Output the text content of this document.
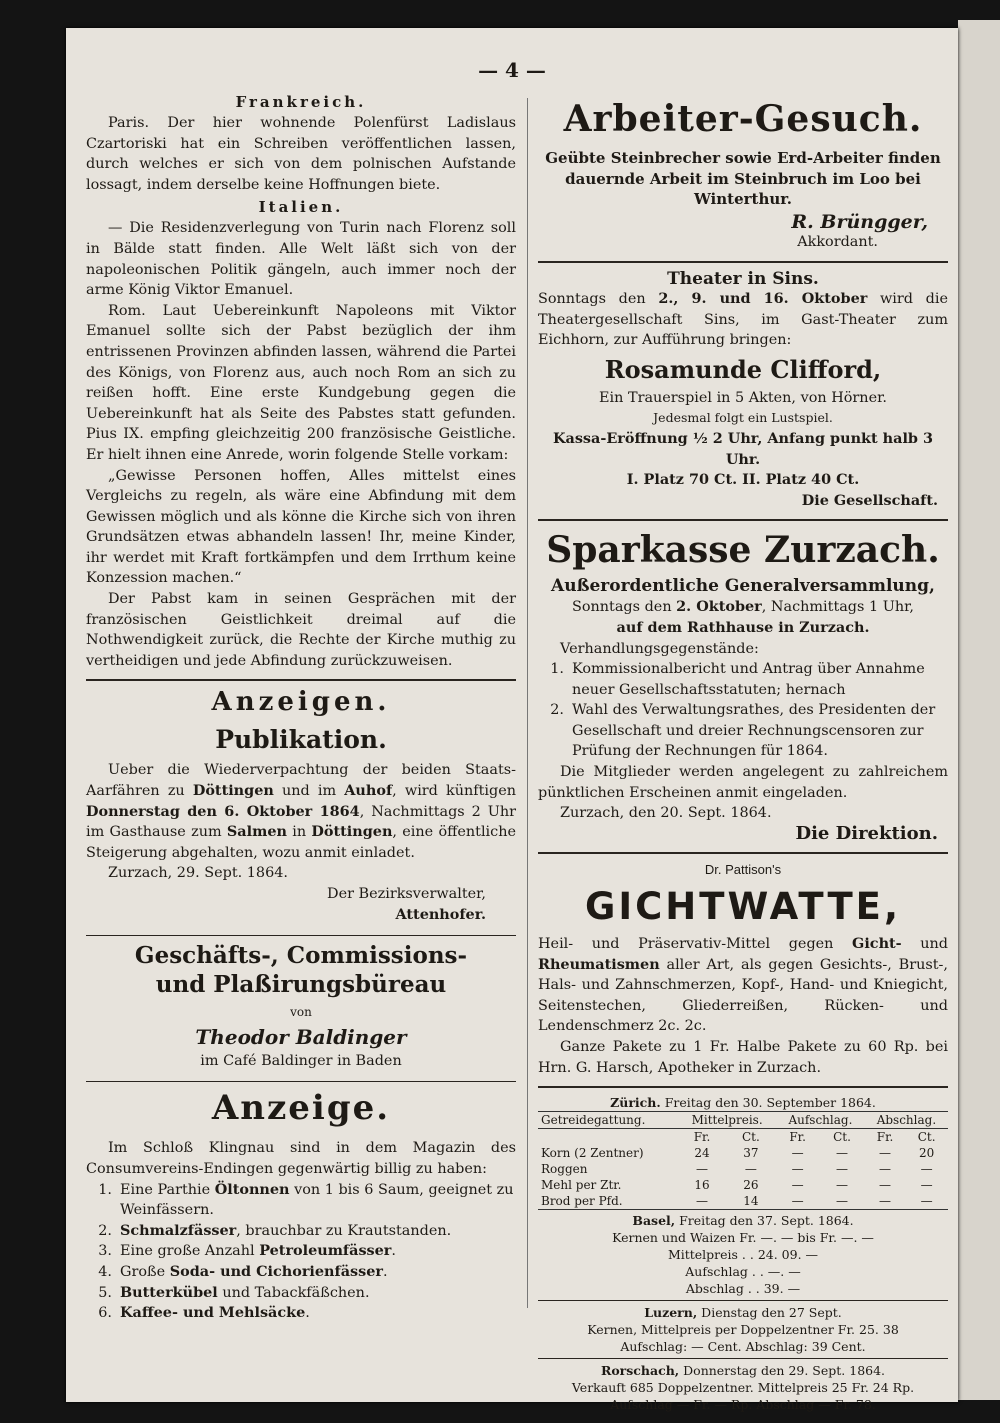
— 4 —
Frankreich.

Paris. Der hier wohnende Polenfürst Ladislaus Czartoriski hat ein Schreiben veröffentlichen lassen, durch welches er sich von dem polnischen Aufstande lossagt, indem derselbe keine Hoffnungen biete.

Italien.

— Die Residenzverlegung von Turin nach Florenz soll in Bälde statt finden. Alle Welt läßt sich von der napoleonischen Politik gängeln, auch immer noch der arme König Viktor Emanuel.

Rom. Laut Uebereinkunft Napoleons mit Viktor Emanuel sollte sich der Pabst bezüglich der ihm entrissenen Provinzen abfinden lassen, während die Partei des Königs, von Florenz aus, auch noch Rom an sich zu reißen hofft. Eine erste Kundgebung gegen die Uebereinkunft hat als Seite des Pabstes statt gefunden. Pius IX. empfing gleichzeitig 200 französische Geistliche. Er hielt ihnen eine Anrede, worin folgende Stelle vorkam:

„Gewisse Personen hoffen, Alles mittelst eines Vergleichs zu regeln, als wäre eine Abfindung mit dem Gewissen möglich und als könne die Kirche sich von ihren Grundsätzen etwas abhandeln lassen! Ihr, meine Kinder, ihr werdet mit Kraft fortkämpfen und dem Irrthum keine Konzession machen.“

Der Pabst kam in seinen Gesprächen mit der französischen Geistlichkeit dreimal auf die Nothwendigkeit zurück, die Rechte der Kirche muthig zu vertheidigen und jede Abfindung zurückzuweisen.

Anzeigen.
Publikation.

Ueber die Wiederverpachtung der beiden Staats-Aarfähren zu Döttingen und im Auhof, wird künftigen Donnerstag den 6. Oktober 1864, Nachmittags 2 Uhr im Gasthause zum Salmen in Döttingen, eine öffentliche Steigerung abgehalten, wozu anmit einladet.

Zurzach, 29. Sept. 1864.

Der Bezirksverwalter,

Attenhofer.

Geschäfts-, Commissions-
und Plaßirungsbüreau

von

Theodor Baldinger

im Café Baldinger in Baden

Anzeige.

Im Schloß Klingnau sind in dem Magazin des Consumvereins-Endingen gegenwärtig billig zu haben:

1. Eine Parthie Öltonnen von 1 bis 6 Saum, geeignet zu Weinfässern.
2. Schmalzfässer, brauchbar zu Krautstanden.
3. Eine große Anzahl Petroleumfässer.
4. Große Soda- und Cichorienfässer.
5. Butterkübel und Tabackfäßchen.
6. Kaffee- und Mehlsäcke.
Arbeiter-Gesuch.

Geübte Steinbrecher sowie Erd-Arbeiter finden dauernde Arbeit im Steinbruch im Loo bei Winterthur.

R. Brüngger,

Akkordant.

Theater in Sins.

Sonntags den 2., 9. und 16. Oktober wird die Theatergesellschaft Sins, im Gast-Theater zum Eichhorn, zur Aufführung bringen:

Rosamunde Clifford,

Ein Trauerspiel in 5 Akten, von Hörner.

Jedesmal folgt ein Lustspiel.

Kassa-Eröffnung ½ 2 Uhr, Anfang punkt halb 3 Uhr.

I. Platz 70 Ct. II. Platz 40 Ct.

Die Gesellschaft.

Sparkasse Zurzach.

Außerordentliche Generalversammlung,

Sonntags den 2. Oktober, Nachmittags 1 Uhr,

auf dem Rathhause in Zurzach.

Verhandlungsgegenstände:

1. Kommissionalbericht und Antrag über Annahme neuer Gesellschaftsstatuten; hernach
2. Wahl des Verwaltungsrathes, des Presidenten der Gesellschaft und dreier Rechnungscensoren zur Prüfung der Rechnungen für 1864.

Die Mitglieder werden angelegent zu zahlreichem pünktlichen Erscheinen anmit eingeladen.

Zurzach, den 20. Sept. 1864.

Die Direktion.

Dr. Pattison's

GICHTWATTE,

Heil- und Präservativ-Mittel gegen Gicht- und Rheumatismen aller Art, als gegen Gesichts-, Brust-, Hals- und Zahnschmerzen, Kopf-, Hand- und Kniegicht, Seitenstechen, Gliederreißen, Rücken- und Lendenschmerz 2c. 2c.

Ganze Pakete zu 1 Fr. Halbe Pakete zu 60 Rp. bei Hrn. G. Harsch, Apotheker in Zurzach.

Zürich. Freitag den 30. September 1864.

Getreidegattung.	Mittelpreis.		Aufschlag.		Abschlag.	
	Fr.	Ct.	Fr.	Ct.	Fr.	Ct.
Korn (2 Zentner)	24	37	—	—	—	20
Roggen	—	—	—	—	—	—
Mehl per Ztr.	16	26	—	—	—	—
Brod per Pfd.	—	14	—	—	—	—

Basel, Freitag den 37. Sept. 1864.

Kernen und Waizen Fr. —. — bis Fr. —. —

Mittelpreis . . 24. 09. —

Aufschlag . . —. —

Abschlag . . 39. —

Luzern, Dienstag den 27 Sept.

Kernen, Mittelpreis per Doppelzentner Fr. 25. 38

Aufschlag: — Cent. Abschlag: 39 Cent.

Rorschach, Donnerstag den 29. Sept. 1864.

Verkauft 685 Doppelzentner. Mittelpreis 25 Fr. 24 Rp.

Aufschlag — Fr. — Rp. Abschlag — Fr. 78.
